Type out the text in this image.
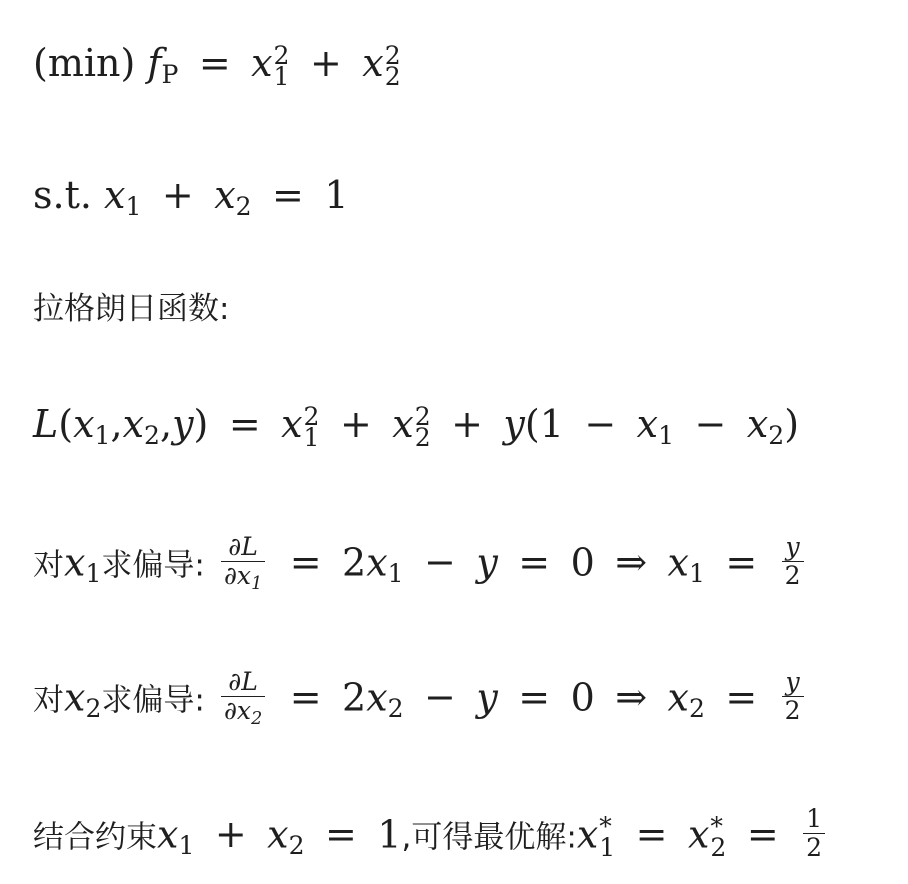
(min) fP = x 2
1 + x 2
2
s.t. x1 + x2 = 1
拉格朗日函数:
L(x1,x2,y) = x 2
1 + x 2
2 + y(1 − x1 − x2)
对x1求偏导: $\frac{\partial L}{\partial x1} = 2x1 - y = 0$ ⇒ $x1 = \frac{y}{2}$
对x2求偏导: $\frac{\partial L}{\partial x2} = 2x2 - y = 0$ ⇒ $x2 = \frac{y}{2}$
结合约束x1 + x2 = 1,可得最优解:x *
1 = x *
$2 = \frac{1}{2}$
